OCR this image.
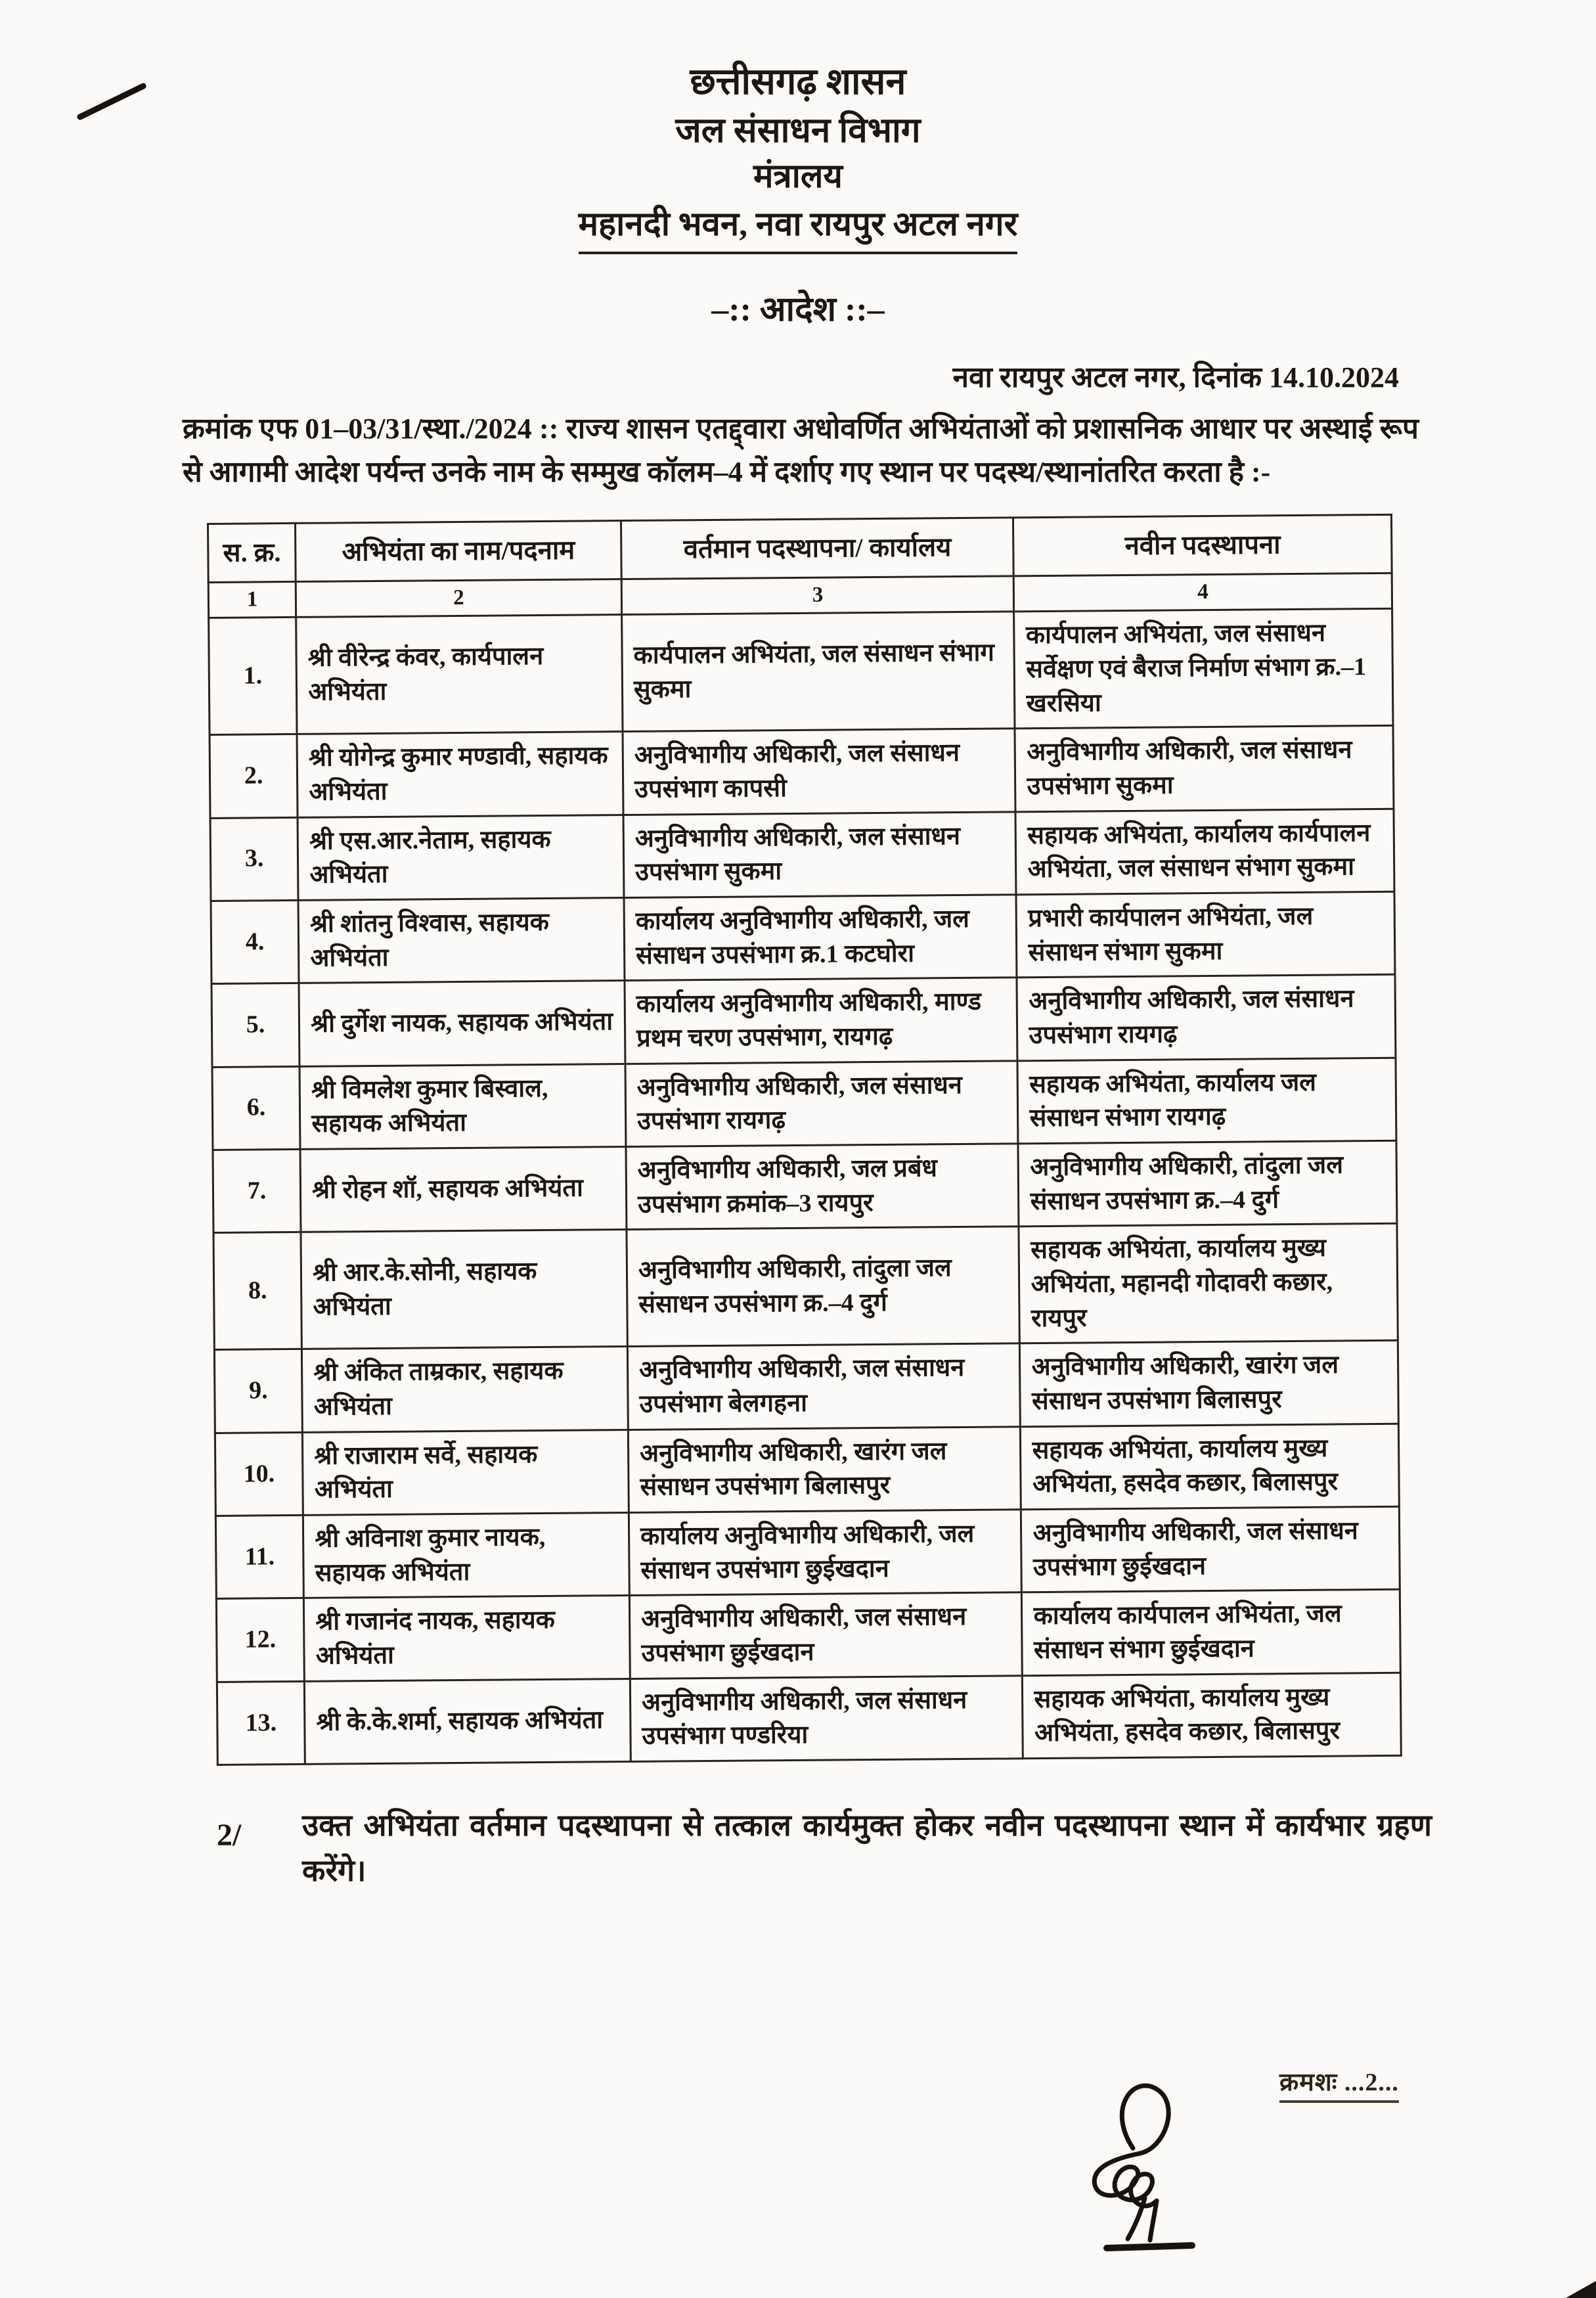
छत्तीसगढ़ शासन
जल संसाधन विभाग
मंत्रालय
महानदी भवन, नवा रायपुर अटल नगर
–:: आदेश ::–
नवा रायपुर अटल नगर, दिनांक 14.10.2024
क्रमांक एफ 01–03/31/स्था./2024 :: राज्य शासन एतद्द्वारा अधोवर्णित अभियंताओं को प्रशासनिक आधार पर अस्थाई रूप से आगामी आदेश पर्यन्त उनके नाम के सम्मुख कॉलम–4 में दर्शाए गए स्थान पर पदस्थ/स्थानांतरित करता है :-
स. क्र.	अभियंता का नाम/पदनाम	वर्तमान पदस्थापना/ कार्यालय	नवीन पदस्थापना
1	2	3	4
1.	श्री वीरेन्द्र कंवर, कार्यपालन अभियंता	कार्यपालन अभियंता, जल संसाधन संभाग सुकमा	कार्यपालन अभियंता, जल संसाधन सर्वेक्षण एवं बैराज निर्माण संभाग क्र.–1 खरसिया
2.	श्री योगेन्द्र कुमार मण्डावी, सहायक अभियंता	अनुविभागीय अधिकारी, जल संसाधन उपसंभाग कापसी	अनुविभागीय अधिकारी, जल संसाधन उपसंभाग सुकमा
3.	श्री एस.आर.नेताम, सहायक अभियंता	अनुविभागीय अधिकारी, जल संसाधन उपसंभाग सुकमा	सहायक अभियंता, कार्यालय कार्यपालन अभियंता, जल संसाधन संभाग सुकमा
4.	श्री शांतनु विश्वास, सहायक अभियंता	कार्यालय अनुविभागीय अधिकारी, जल संसाधन उपसंभाग क्र.1 कटघोरा	प्रभारी कार्यपालन अभियंता, जल संसाधन संभाग सुकमा
5.	श्री दुर्गेश नायक, सहायक अभियंता	कार्यालय अनुविभागीय अधिकारी, माण्ड प्रथम चरण उपसंभाग, रायगढ़	अनुविभागीय अधिकारी, जल संसाधन उपसंभाग रायगढ़
6.	श्री विमलेश कुमार बिस्वाल, सहायक अभियंता	अनुविभागीय अधिकारी, जल संसाधन उपसंभाग रायगढ़	सहायक अभियंता, कार्यालय जल संसाधन संभाग रायगढ़
7.	श्री रोहन शॉ, सहायक अभियंता	अनुविभागीय अधिकारी, जल प्रबंध उपसंभाग क्रमांक–3 रायपुर	अनुविभागीय अधिकारी, तांदुला जल संसाधन उपसंभाग क्र.–4 दुर्ग
8.	श्री आर.के.सोनी, सहायक अभियंता	अनुविभागीय अधिकारी, तांदुला जल संसाधन उपसंभाग क्र.–4 दुर्ग	सहायक अभियंता, कार्यालय मुख्य अभियंता, महानदी गोदावरी कछार, रायपुर
9.	श्री अंकित ताम्रकार, सहायक अभियंता	अनुविभागीय अधिकारी, जल संसाधन उपसंभाग बेलगहना	अनुविभागीय अधिकारी, खारंग जल संसाधन उपसंभाग बिलासपुर
10.	श्री राजाराम सर्वे, सहायक अभियंता	अनुविभागीय अधिकारी, खारंग जल संसाधन उपसंभाग बिलासपुर	सहायक अभियंता, कार्यालय मुख्य अभियंता, हसदेव कछार, बिलासपुर
11.	श्री अविनाश कुमार नायक, सहायक अभियंता	कार्यालय अनुविभागीय अधिकारी, जल संसाधन उपसंभाग छुईखदान	अनुविभागीय अधिकारी, जल संसाधन उपसंभाग छुईखदान
12.	श्री गजानंद नायक, सहायक अभियंता	अनुविभागीय अधिकारी, जल संसाधन उपसंभाग छुईखदान	कार्यालय कार्यपालन अभियंता, जल संसाधन संभाग छुईखदान
13.	श्री के.के.शर्मा, सहायक अभियंता	अनुविभागीय अधिकारी, जल संसाधन उपसंभाग पण्डरिया	सहायक अभियंता, कार्यालय मुख्य अभियंता, हसदेव कछार, बिलासपुर
2/	उक्त अभियंता वर्तमान पदस्थापना से तत्काल कार्यमुक्त होकर नवीन पदस्थापना स्थान में कार्यभार ग्रहण करेंगे।
क्रमशः ...2...
